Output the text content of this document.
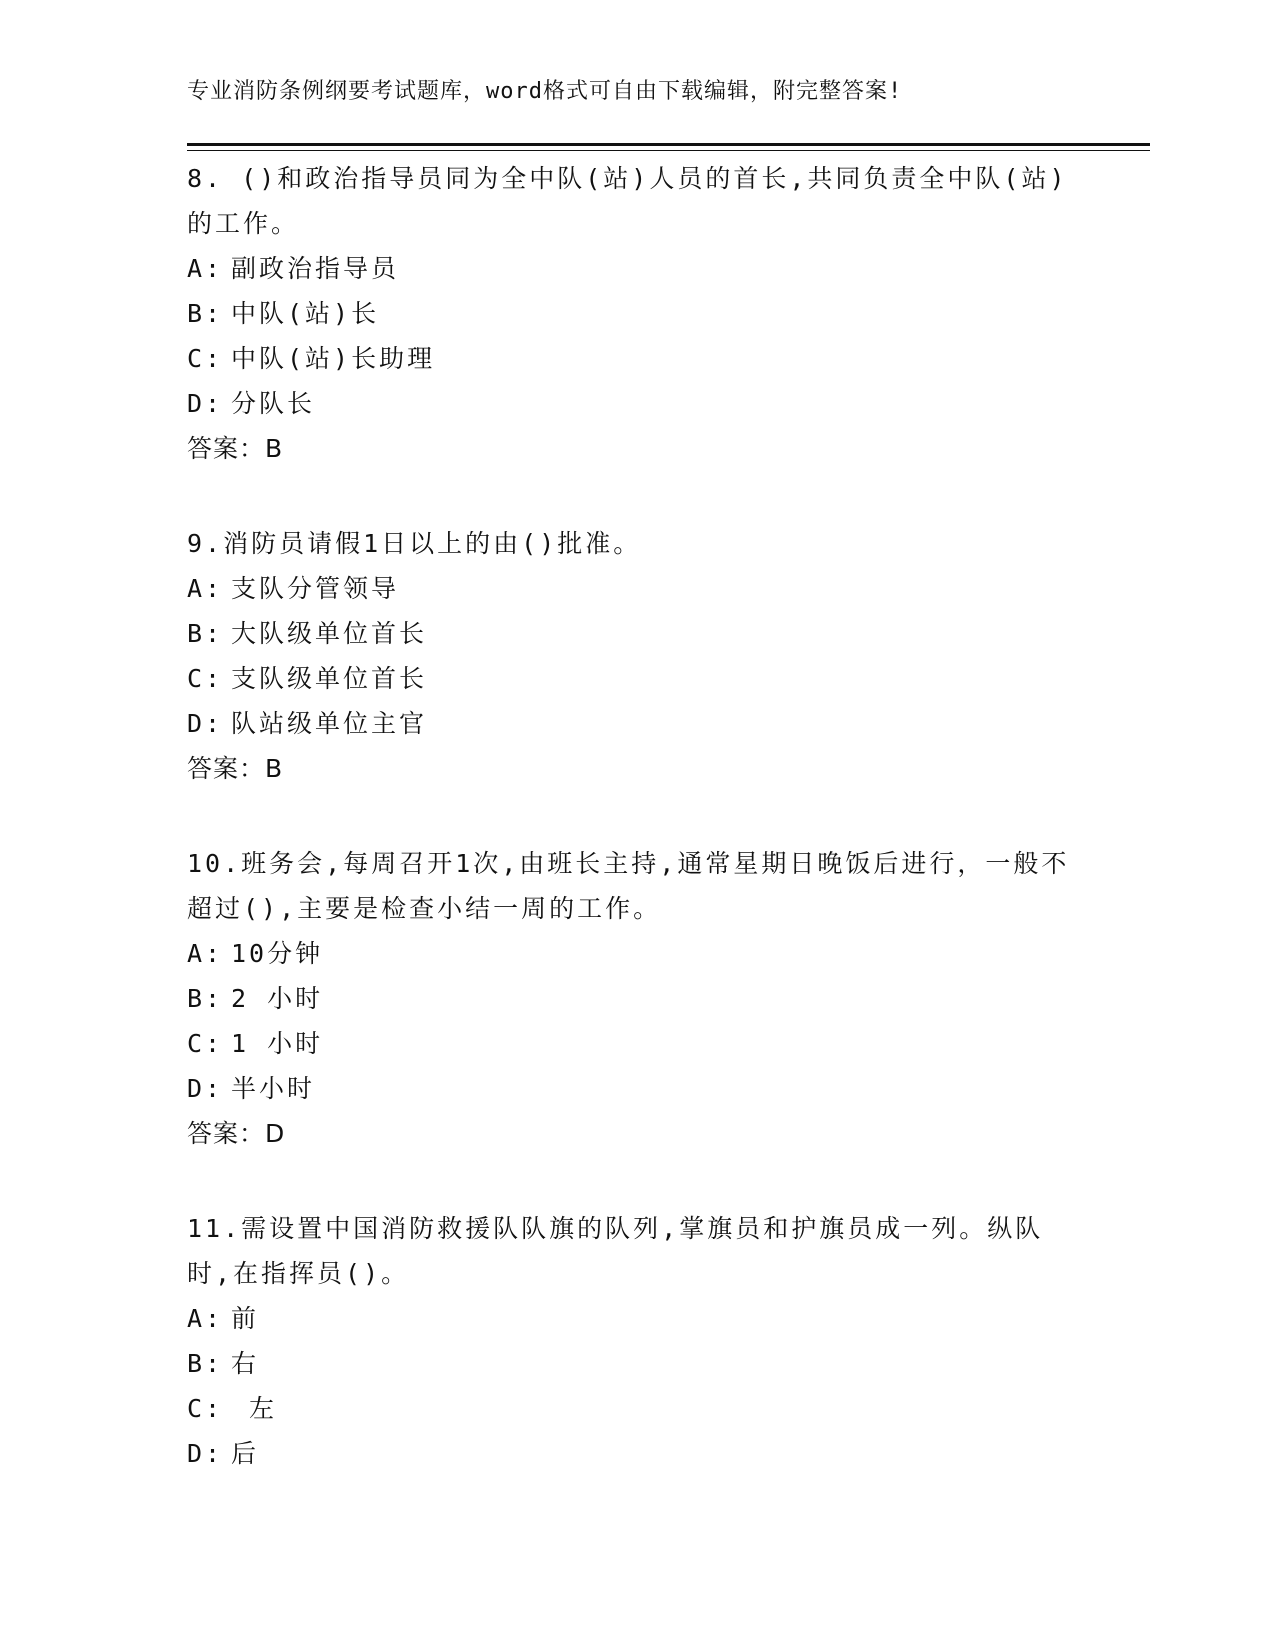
专业消防条例纲要考试题库，word格式可自由下载编辑，附完整答案!

8. ()和政治指导员同为全中队(站)人员的首长,共同负责全中队(站)的工作。

A: 副政治指导员
B: 中队(站)长
C: 中队(站)长助理
D: 分队长
答案：B

9.消防员请假1日以上的由()批准。

A: 支队分管领导
B: 大队级单位首长
C: 支队级单位首长
D: 队站级单位主官
答案：B

10.班务会,每周召开1次,由班长主持,通常星期日晚饭后进行，一般不超过(),主要是检查小结一周的工作。

A: 10分钟
B: 2 小时
C: 1 小时
D: 半小时
答案：D

11.需设置中国消防救援队队旗的队列,掌旗员和护旗员成一列。纵队时,在指挥员()。

A: 前
B: 右
C: 左
D: 后
